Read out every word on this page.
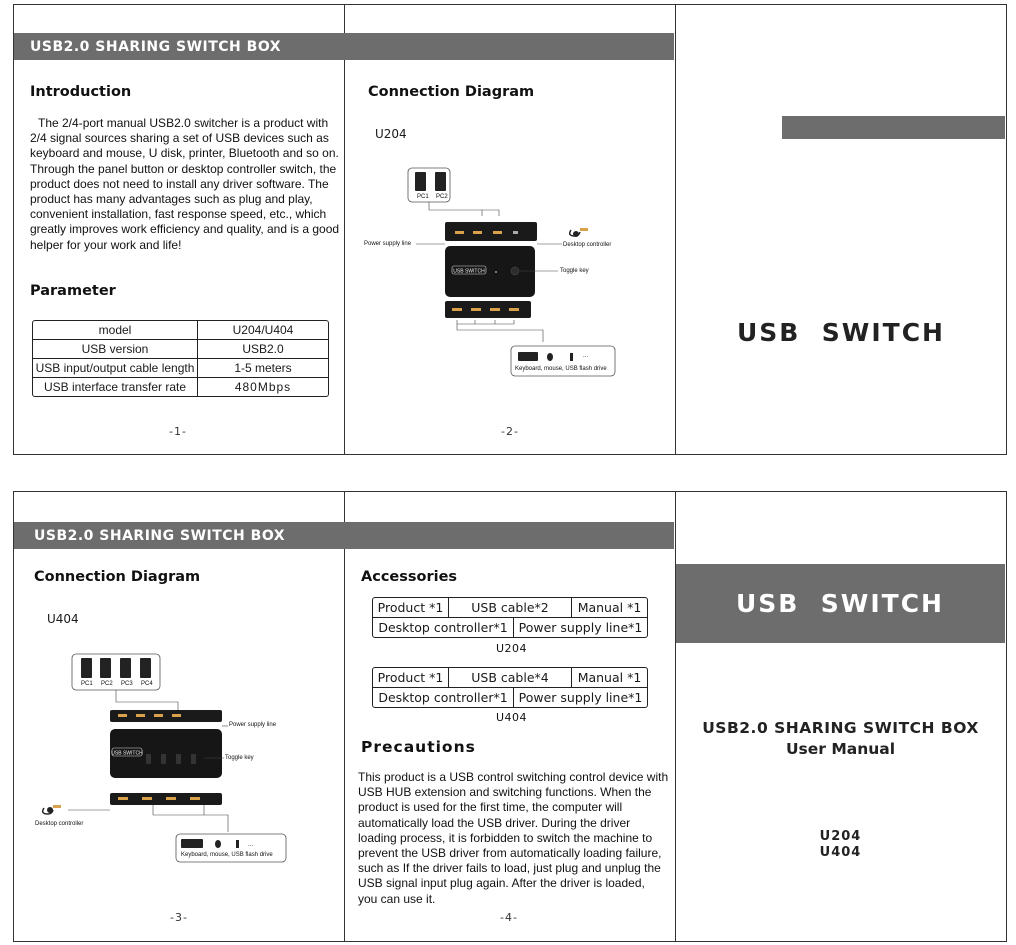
USB2.0 SHARING SWITCH BOX
Introduction
The 2/4-port manual USB2.0 switcher is a product with
2/4 signal sources sharing a set of USB devices such as
keyboard and mouse, U disk, printer, Bluetooth and so on.
Through the panel button or desktop controller switch, the
product does not need to install any driver software. The
product has many advantages such as plug and play,
convenient installation, fast response speed, etc., which
greatly improves work efficiency and quality, and is a good
helper for your work and life!
Parameter
model	U204/U404
USB version	USB2.0
USB input/output cable length	1-5 meters
USB interface transfer rate	480Mbps
-1-
Connection Diagram
U204
USB SWITCH
PC1 PC2
Power supply line	Desktop controller
Toggle key
...
Keyboard, mouse, USB flash drive
-2-
USB  SWITCH
USB2.0 SHARING SWITCH BOX
USB  SWITCH
Connection Diagram
U404
USB SWITCH
PC1 PC2 PC3 PC4
Power supply line
Toggle key
Desktop controller
...
Keyboard, mouse, USB flash drive
-3-
Accessories
Product *1	USB cable*2	Manual *1
Desktop controller*1 Power supply line*1
U204
Product *1	USB cable*4	Manual *1
Desktop controller*1 Power supply line*1
U404
Precautions
This product is a USB control switching control device with
USB HUB extension and switching functions. When the
product is used for the first time, the computer will
automatically load the USB driver. During the driver
loading process, it is forbidden to switch the machine to
prevent the USB driver from automatically loading failure,
such as If the driver fails to load, just plug and unplug the
USB signal input plug again. After the driver is loaded,
you can use it.
-4-
USB2.0 SHARING SWITCH BOX
User Manual
U204
U404
